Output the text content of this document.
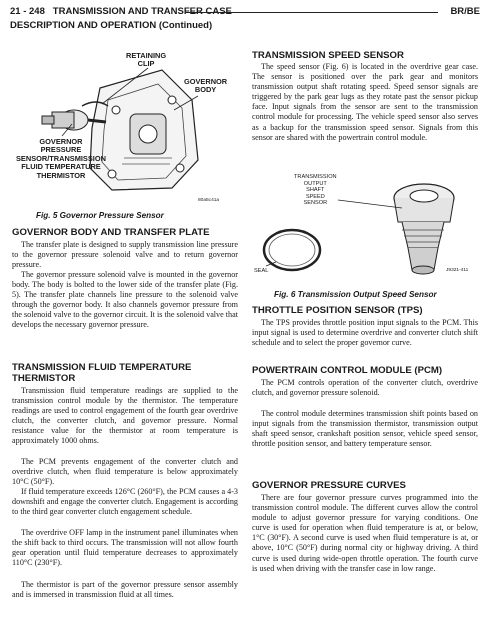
21 - 248 TRANSMISSION AND TRANSFER CASE	BR/BE
DESCRIPTION AND OPERATION (Continued)
RETAINING
CLIP
GOVERNOR
BODY
GOVERNOR
PRESSURE
SENSOR/TRANSMISSION
FLUID TEMPERATURE
THERMISTOR
80a5c41a
Fig. 5 Governor Pressure Sensor
GOVERNOR BODY AND TRANSFER PLATE

The transfer plate is designed to supply transmission line pressure to the governor pressure solenoid valve and to return governor pressure.

The governor pressure solenoid valve is mounted in the governor body. The body is bolted to the lower side of the transfer plate (Fig. 5). The transfer plate channels line pressure to the solenoid valve through the governor body. It also channels governor pressure from the solenoid valve to the governor circuit. It is the solenoid valve that develops the necessary governor pressure.

TRANSMISSION FLUID TEMPERATURE
THERMISTOR

Transmission fluid temperature readings are supplied to the transmission control module by the thermistor. The temperature readings are used to control engagement of the fourth gear overdrive clutch, the converter clutch, and governor pressure. Normal resistance value for the thermistor at room temperature is approximately 1000 ohms.

The PCM prevents engagement of the converter clutch and overdrive clutch, when fluid temperature is below approximately 10°C (50°F).

If fluid temperature exceeds 126°C (260°F), the PCM causes a 4-3 downshift and engage the converter clutch. Engagement is according to the third gear converter clutch engagement schedule.

The overdrive OFF lamp in the instrument panel illuminates when the shift back to third occurs. The transmission will not allow fourth gear operation until fluid temperature decreases to approximately 110°C (230°F).

The thermistor is part of the governor pressure sensor assembly and is immersed in transmission fluid at all times.

TRANSMISSION SPEED SENSOR

The speed sensor (Fig. 6) is located in the overdrive gear case. The sensor is positioned over the park gear and monitors transmission output shaft rotating speed. Speed sensor signals are triggered by the park gear lugs as they rotate past the sensor pickup face. Input signals from the sensor are sent to the transmission control module for processing. The vehicle speed sensor also serves as a backup for the transmission speed sensor. Signals from this sensor are shared with the powertrain control module.

TRANSMISSION
OUTPUT
SHAFT
SPEED
SENSOR
SEAL	J9321-411
Fig. 6 Transmission Output Speed Sensor
THROTTLE POSITION SENSOR (TPS)

The TPS provides throttle position input signals to the PCM. This input signal is used to determine overdrive and converter clutch shift schedule and to select the proper governor curve.

POWERTRAIN CONTROL MODULE (PCM)

The PCM controls operation of the converter clutch, overdrive clutch, and governor pressure solenoid.

The control module determines transmission shift points based on input signals from the transmission thermistor, transmission output shaft speed sensor, crankshaft position sensor, vehicle speed sensor, throttle position sensor, and battery temperature sensor.

GOVERNOR PRESSURE CURVES

There are four governor pressure curves programmed into the transmission control module. The different curves allow the control module to adjust governor pressure for varying conditions. One curve is used for operation when fluid temperature is at, or below, 1°C (30°F). A second curve is used when fluid temperature is at, or above, 10°C (50°F) during normal city or highway driving. A third curve is used during wide-open throttle operation. The fourth curve is used when driving with the transfer case in low range.
